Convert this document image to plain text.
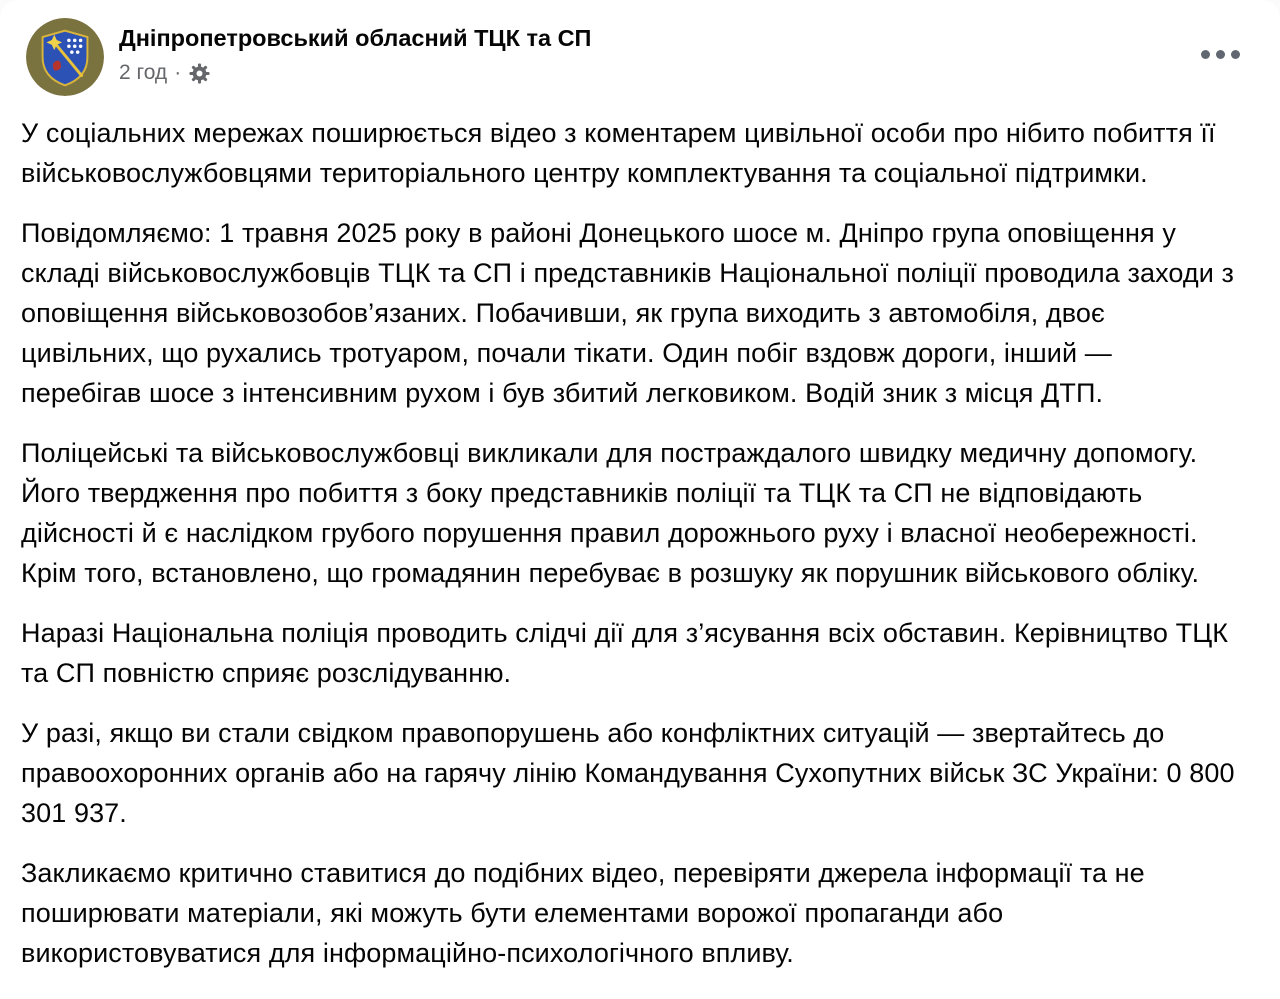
Дніпропетровський обласний ТЦК та СП
2 год ·

У соціальних мережах поширюється відео з коментарем цивільної особи про нібито побиття її військовослужбовцями територіального центру комплектування та соціальної підтримки.

Повідомляємо: 1 травня 2025 року в районі Донецького шосе м. Дніпро група оповіщення у складі військовослужбовців ТЦК та СП і представників Національної поліції проводила заходи з оповіщення військовозобов’язаних. Побачивши, як група виходить з автомобіля, двоє цивільних, що рухались тротуаром, почали тікати. Один побіг вздовж дороги, інший — перебігав шосе з інтенсивним рухом і був збитий легковиком. Водій зник з місця ДТП.

Поліцейські та військовослужбовці викликали для постраждалого швидку медичну допомогу. Його твердження про побиття з боку представників поліції та ТЦК та СП не відповідають дійсності й є наслідком грубого порушення правил дорожнього руху і власної необережності. Крім того, встановлено, що громадянин перебуває в розшуку як порушник військового обліку.

Наразі Національна поліція проводить слідчі дії для з’ясування всіх обставин. Керівництво ТЦК та СП повністю сприяє розслідуванню.

У разі, якщо ви стали свідком правопорушень або конфліктних ситуацій — звертайтесь до правоохоронних органів або на гарячу лінію Командування Сухопутних військ ЗС України: 0 800 301 937.

Закликаємо критично ставитися до подібних відео, перевіряти джерела інформації та не поширювати матеріали, які можуть бути елементами ворожої пропаганди або використовуватися для інформаційно-психологічного впливу.
